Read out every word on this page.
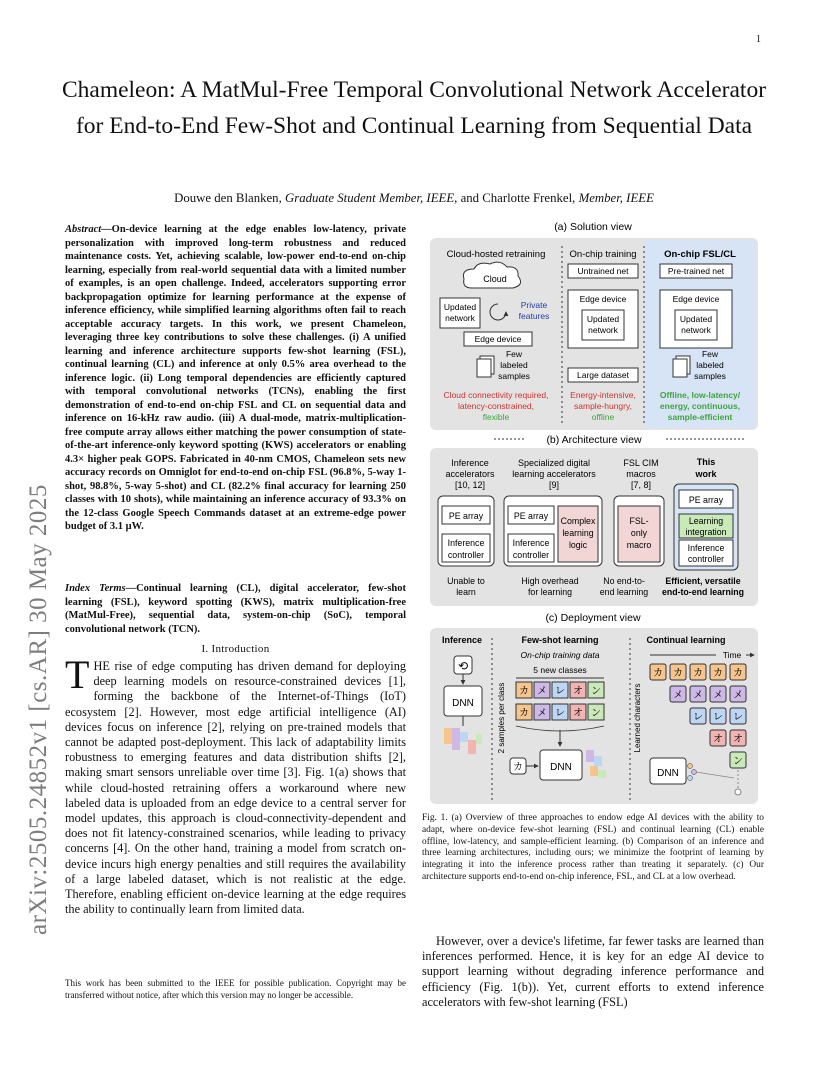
1
arXiv:2505.24852v1 [cs.AR] 30 May 2025
Chameleon: A MatMul-Free Temporal Convolutional Network Accelerator for End-to-End Few-Shot and Continual Learning from Sequential Data
Douwe den Blanken, Graduate Student Member, IEEE, and Charlotte Frenkel, Member, IEEE
Abstract—On-device learning at the edge enables low-latency, private personalization with improved long-term robustness and reduced maintenance costs. Yet, achieving scalable, low-power end-to-end on-chip learning, especially from real-world sequential data with a limited number of examples, is an open challenge. Indeed, accelerators supporting error backpropagation optimize for learning performance at the expense of inference efficiency, while simplified learning algorithms often fail to reach acceptable accuracy targets. In this work, we present Chameleon, leveraging three key contributions to solve these challenges. (i) A unified learning and inference architecture supports few-shot learning (FSL), continual learning (CL) and inference at only 0.5% area overhead to the inference logic. (ii) Long temporal dependencies are efficiently captured with temporal convolutional networks (TCNs), enabling the first demonstration of end-to-end on-chip FSL and CL on sequential data and inference on 16-kHz raw audio. (iii) A dual-mode, matrix-multiplication-free compute array allows either matching the power consumption of state-of-the-art inference-only keyword spotting (KWS) accelerators or enabling 4.3× higher peak GOPS. Fabricated in 40-nm CMOS, Chameleon sets new accuracy records on Omniglot for end-to-end on-chip FSL (96.8%, 5-way 1-shot, 98.8%, 5-way 5-shot) and CL (82.2% final accuracy for learning 250 classes with 10 shots), while maintaining an inference accuracy of 93.3% on the 12-class Google Speech Commands dataset at an extreme-edge power budget of 3.1 μW.
Index Terms—Continual learning (CL), digital accelerator, few-shot learning (FSL), keyword spotting (KWS), matrix multiplication-free (MatMul-Free), sequential data, system-on-chip (SoC), temporal convolutional network (TCN).
I. Introduction
THE rise of edge computing has driven demand for deploying deep learning models on resource-constrained devices [1], forming the backbone of the Internet-of-Things (IoT) ecosystem [2]. However, most edge artificial intelligence (AI) devices focus on inference [2], relying on pre-trained models that cannot be adapted post-deployment. This lack of adaptability limits robustness to emerging features and data distribution shifts [2], making smart sensors unreliable over time [3]. Fig. 1(a) shows that while cloud-hosted retraining offers a workaround where new labeled data is uploaded from an edge device to a central server for model updates, this approach is cloud-connectivity-dependent and does not fit latency-constrained scenarios, while leading to privacy concerns [4]. On the other hand, training a model from scratch on-device incurs high energy penalties and still requires the availability of a large labeled dataset, which is not realistic at the edge. Therefore, enabling efficient on-device learning at the edge requires the ability to continually learn from limited data.
This work has been submitted to the IEEE for possible publication. Copyright may be transferred without notice, after which this version may no longer be accessible.
(a) Solution view
Cloud-hosted retraining	On-chip training	On-chip FSL/CL
Cloud
Updated
network
Private
features
Edge device
Few
labeled
samples
Cloud connectivity required,
latency-constrained,
flexible
Untrained net
Edge device
Updated
network
Large dataset
Energy-intensive,
sample-hungry,
offline
Pre-trained net
Edge device
Updated
network
Few
labeled
samples
Offline, low-latency/
energy, continuous,
sample-efficient
(b) Architecture view
Inference
accelerators
[10, 12]
Specialized digital
learning accelerators
[9]
FSL CIM
macros
[7, 8]
This
work
PE array
Inference
controller
PE array
Inference
controller
Complex
learning
logic
FSL-
only
macro
PE array
Learning
integration
Inference
controller
Unable to
learn
High overhead
for learning
No end-to-
end learning
Efficient, versatile
end-to-end learning
(c) Deployment view
Inference	Few-shot learning	Continual learning
⟲
DNN
On-chip training data
5 new classes
2 samples per class カ メ レ オ ン
カ メ レ オ ン
カ	DNN
Learned characters
Time
カ カ カ カ カ
メ メ メ メ
レ レ レ
オ オ
ン
DNN
Fig. 1. (a) Overview of three approaches to endow edge AI devices with the ability to adapt, where on-device few-shot learning (FSL) and continual learning (CL) enable offline, low-latency, and sample-efficient learning. (b) Comparison of an inference and three learning architectures, including ours; we minimize the footprint of learning by integrating it into the inference process rather than treating it separately. (c) Our architecture supports end-to-end on-chip inference, FSL, and CL at a low overhead.
However, over a device's lifetime, far fewer tasks are learned than inferences performed. Hence, it is key for an edge AI device to support learning without degrading inference performance and efficiency (Fig. 1(b)). Yet, current efforts to extend inference accelerators with few-shot learning (FSL)
